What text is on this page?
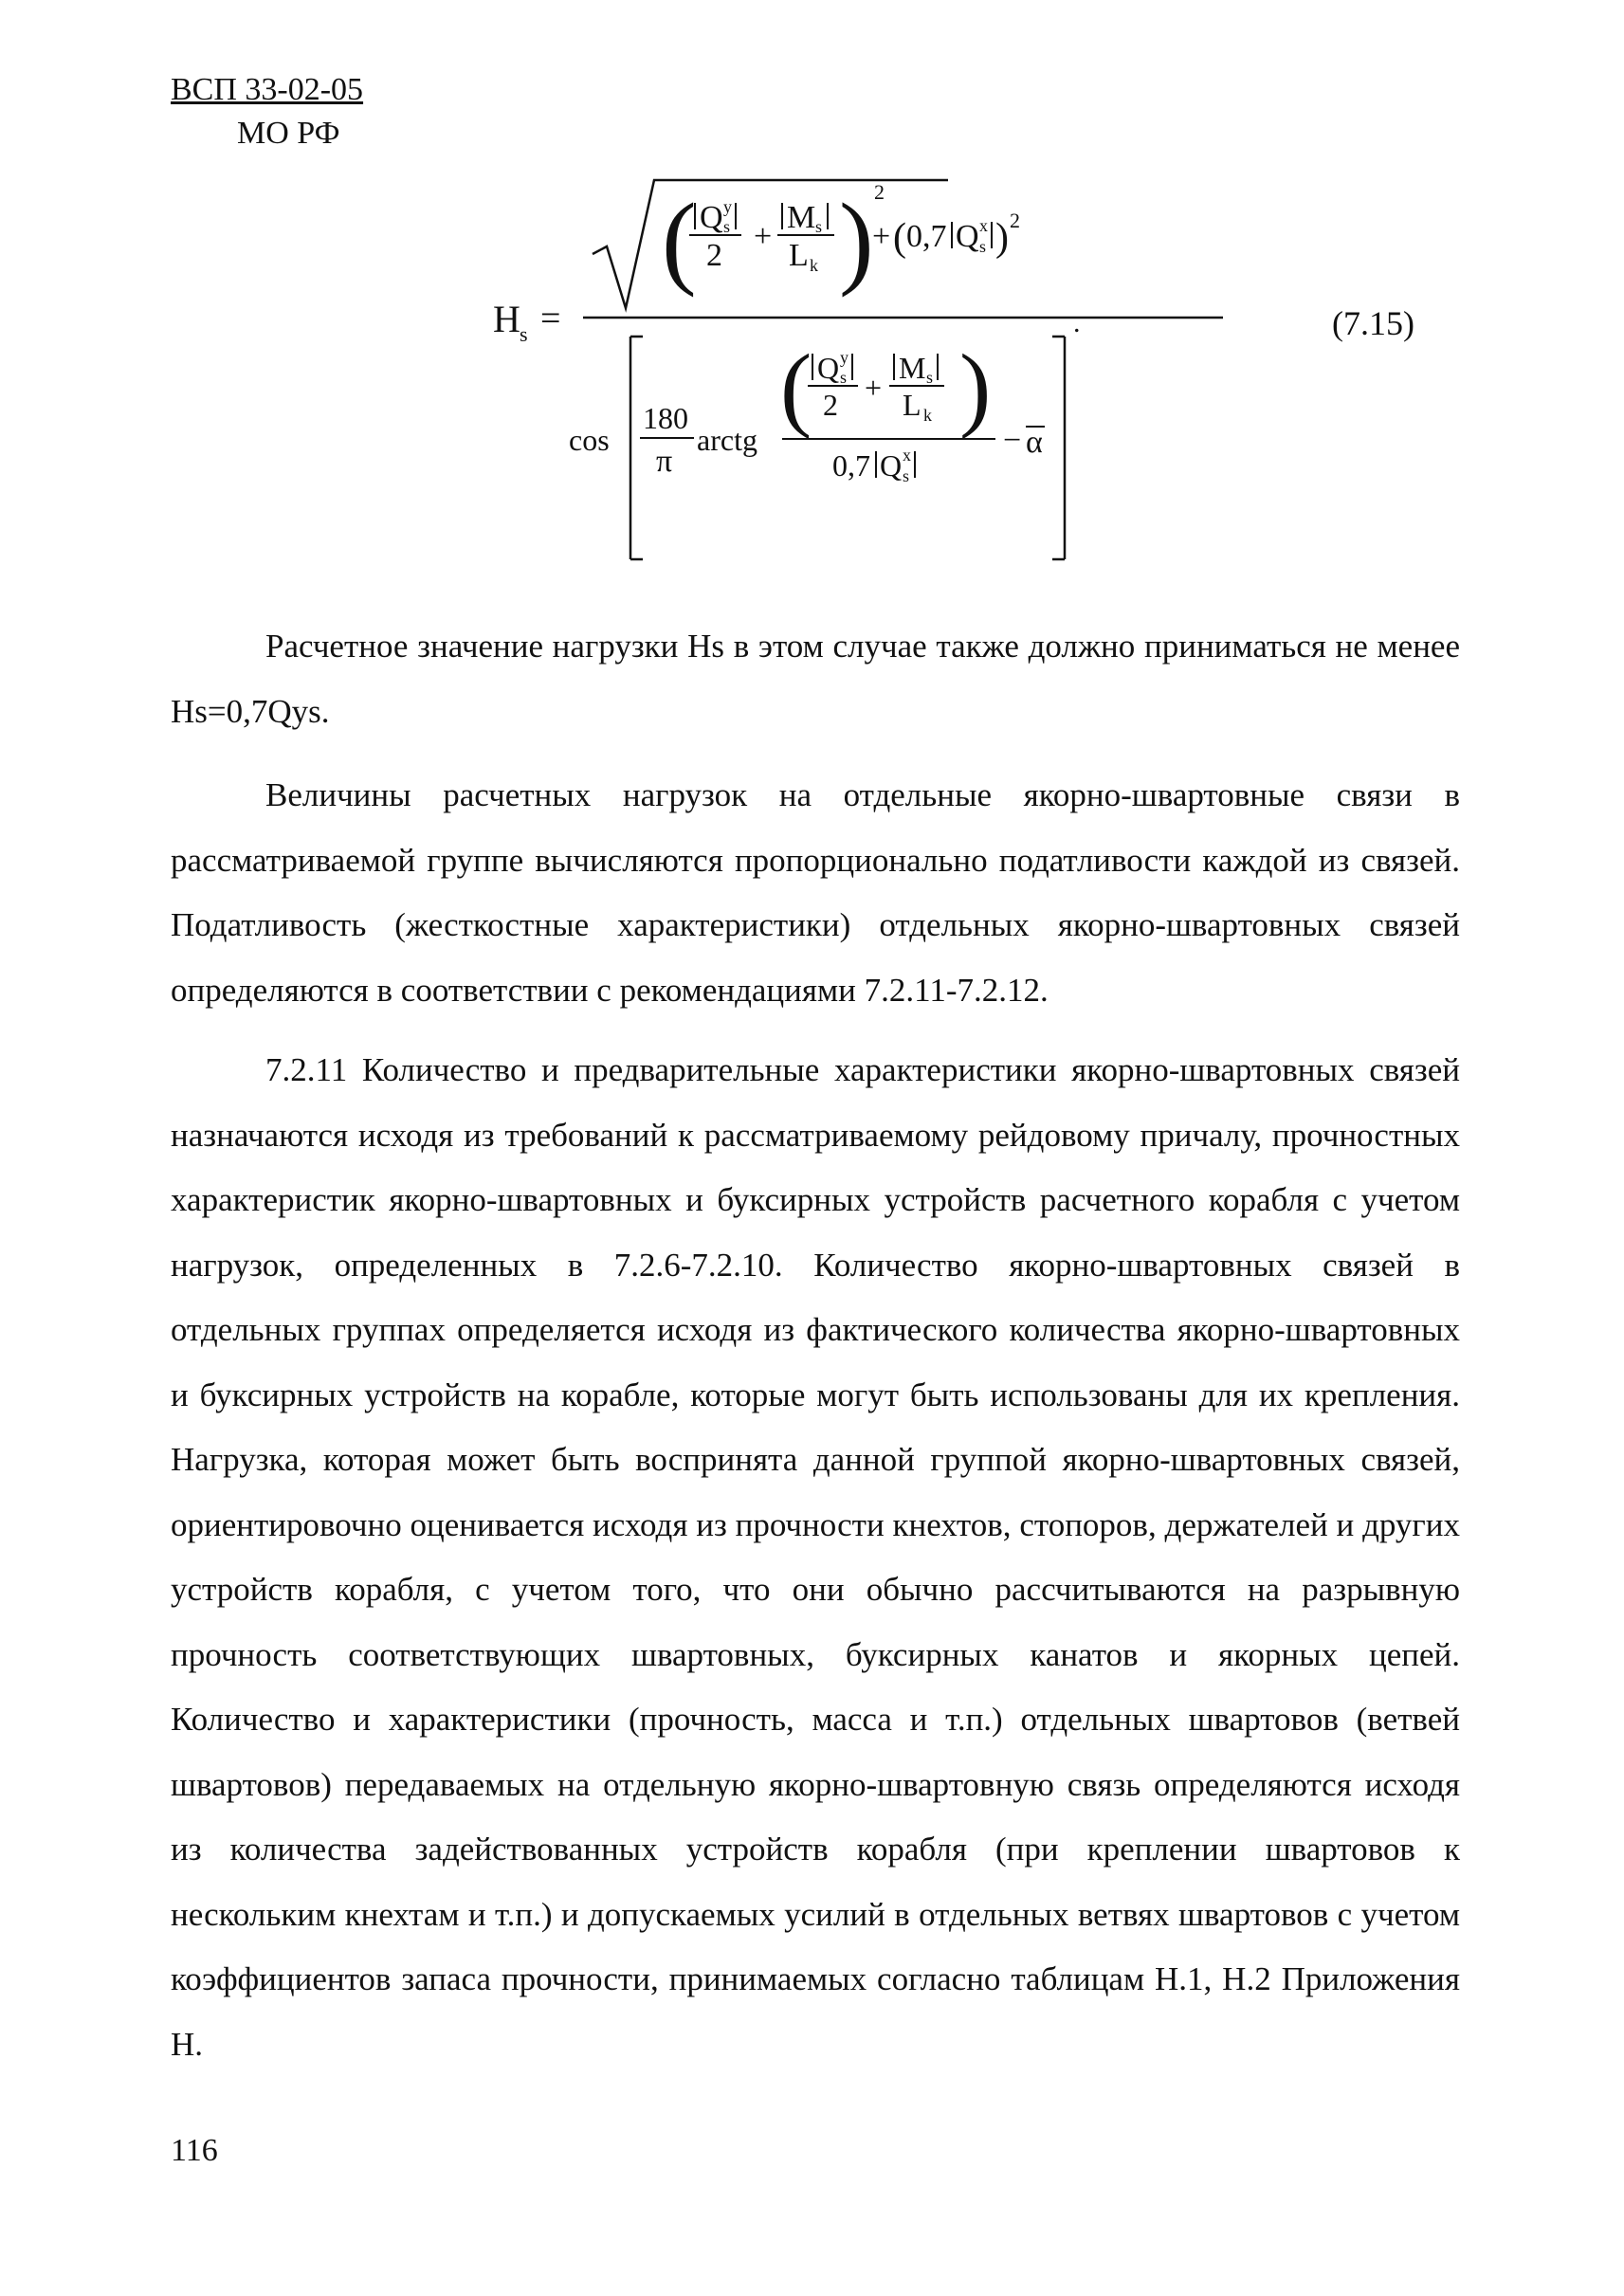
ВСП 33-02-05
МО РФ
H s =
( ) 2
Q y
s
2
+
M s
L k
+ ( 0,7 Q x
s ) 2
.
cos
180
π
arctg ( )
Q y
s
2 +
M s
L k
0,7 Q x
s
− α
(7.15)

Расчетное значение нагрузки Hs в этом случае также должно приниматься не менее Hs=0,7Qys.

Величины расчетных нагрузок на отдельные якорно-швартовные связи в рассматриваемой группе вычисляются пропорционально податливости каждой из связей. Податливость (жесткостные характеристики) отдельных якорно-швартовных связей определяются в соответствии с рекомендациями 7.2.11-7.2.12.

7.2.11 Количество и предварительные характеристики якорно-швартовных связей назначаются исходя из требований к рассматриваемому рейдовому причалу, прочностных характеристик якорно-швартовных и буксирных устройств расчетного корабля с учетом нагрузок, определенных в 7.2.6-7.2.10. Количество якорно-швартовных связей в отдельных группах определяется исходя из фактического количества якорно-швартовных и буксирных устройств на корабле, которые могут быть использованы для их крепления. Нагрузка, которая может быть воспринята данной группой якорно-швартовных связей, ориентировочно оценивается исходя из прочности кнехтов, стопоров, держателей и других устройств корабля, с учетом того, что они обычно рассчитываются на разрывную прочность соответствующих швартовных, буксирных канатов и якорных цепей. Количество и характеристики (прочность, масса и т.п.) отдельных швартовов (ветвей швартовов) передаваемых на отдельную якорно-швартовную связь определяются исходя из количества задействованных устройств корабля (при креплении швартовов к нескольким кнехтам и т.п.) и допускаемых усилий в отдельных ветвях швартовов с учетом коэффициентов запаса прочности, принимаемых согласно таблицам Н.1, Н.2 Приложения Н.

116
